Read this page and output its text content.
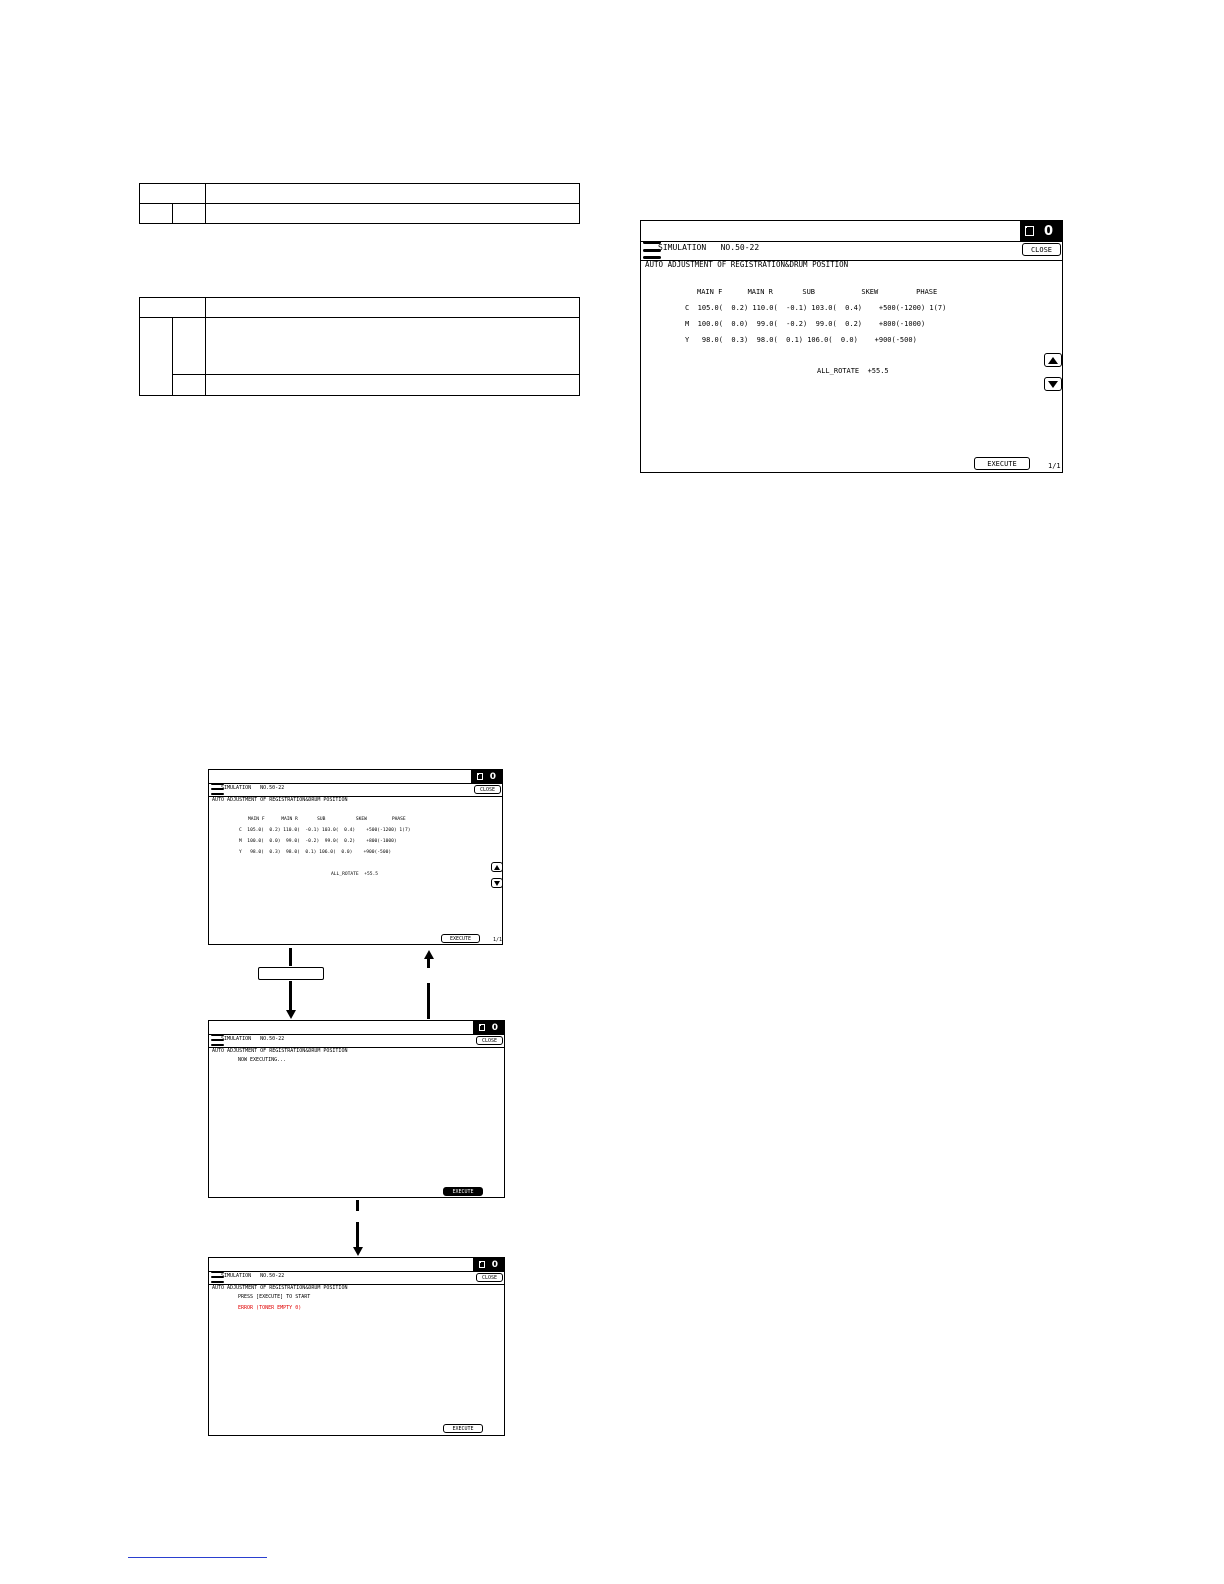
0
SIMULATION   NO.50-22	CLOSE
AUTO ADJUSTMENT OF REGISTRATION&DRUM POSITION
MAIN F      MAIN R       SUB           SKEW         PHASE
C  105.0(  0.2) 110.0(  -0.1) 103.0(  0.4)    +500(-1200) 1(7)
M  100.0(  0.0)  99.0(  -0.2)  99.0(  0.2)    +800(-1000)
Y   98.0(  0.3)  98.0(  0.1) 106.0(  0.0)    +900(-500)
ALL_ROTATE  +55.5
EXECUTE	1/1
0
SIMULATION   NO.50-22	CLOSE
AUTO ADJUSTMENT OF REGISTRATION&DRUM POSITION
MAIN F      MAIN R       SUB           SKEW         PHASE
C  105.0(  0.2) 110.0(  -0.1) 103.0(  0.4)    +500(-1200) 1(7)
M  100.0(  0.0)  99.0(  -0.2)  99.0(  0.2)    +800(-1000)
Y   98.0(  0.3)  98.0(  0.1) 106.0(  0.0)    +900(-500)
ALL_ROTATE  +55.5
EXECUTE	1/1
0
SIMULATION   NO.50-22	CLOSE
AUTO ADJUSTMENT OF REGISTRATION&DRUM POSITION
NOW EXECUTING...
EXECUTE
0
SIMULATION   NO.50-22	CLOSE
AUTO ADJUSTMENT OF REGISTRATION&DRUM POSITION
PRESS [EXECUTE] TO START
ERROR (TONER EMPTY 0)
EXECUTE
